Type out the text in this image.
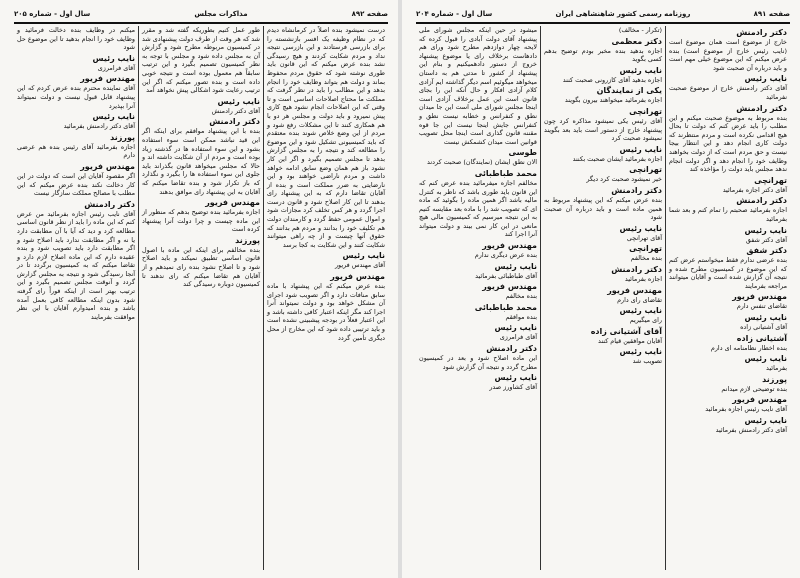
صفحه ۸۹۲
مذاکرات مجلس
سال اول - شماره ۲۰۵
درست نمیشود بنده اصلاً در کرمانشاه دیدم که در نظام وظیفه یک افسر بازنشسته را برای بازرسی فرستادند و این بازرسی نتیجه نداد و مردم شکایت کردند و هیچ رسیدگی نشد بنده عرض میکنم که این قانون باید طوری نوشته شود که حقوق مردم محفوظ بماند و دولت هم بتواند وظایف خود را انجام بدهد و این مطالب را باید در نظر گرفت که مملکت ما محتاج اصلاحات اساسی است و تا وقتی که این اصلاحات انجام نشود هیچ کاری پیش نمیرود و باید دولت و مجلس هر دو با هم همکاری کنند تا این مشکلات رفع شود و مردم از این وضع خلاص شوند بنده معتقدم که باید کمیسیونی تشکیل شود و این موضوع را مطالعه کند و نتیجه را به مجلس گزارش بدهد تا مجلس تصمیم بگیرد و اگر این کار نشود باز هم همان وضع سابق ادامه خواهد داشت و مردم ناراضی خواهند بود و این نارضایتی به ضرر مملکت است و بنده از آقایان تقاضا دارم که به این پیشنهاد رای بدهند تا این کار اصلاح شود و قانون درست اجرا گردد و هر کس تخلف کرد مجازات شود و اموال عمومی حفظ گردد و کارمندان دولت هم تکلیف خود را بدانند و مردم هم بدانند که حقوق آنها چیست و از چه راهی میتوانند شکایت کنند و این شکایت به کجا برسد
نایب رئیس
آقای مهندس فریور
مهندس فریور
بنده عرض میکنم که این پیشنهاد با ماده سابق منافات دارد و اگر تصویب شود اجرای آن مشکل خواهد بود و دولت نمیتواند آنرا اجرا کند مگر اینکه اعتبار کافی داشته باشد و این اعتبار فعلاً در بودجه پیشبینی نشده است و باید ترتیبی داده شود که این مخارج از محل دیگری تأمین گردد
طور عمل کنیم بطوریکه گفته شد و مقرر شد که هر وقت از طرف دولت پیشنهادی شد در کمیسیون مربوطه مطرح شود و گزارش آن به مجلس داده شود و مجلس با توجه به نظر کمیسیون تصمیم بگیرد و این ترتیب سابقاً هم معمول بوده است و نتیجه خوبی داده است و بنده تصور میکنم که اگر این ترتیب رعایت شود اشکالی پیش نخواهد آمد
نایب رئیس
آقای دکتر رادمنش
دکتر رادمنش
بنده با این پیشنهاد موافقم برای اینکه اگر این قید نباشد ممکن است سوء استفاده بشود و این سوء استفاده ها در گذشته زیاد بوده است و مردم از آن شکایت داشته اند و حالا که مجلس میخواهد قانون بگذراند باید جلوی این سوء استفاده ها را بگیرد و نگذارد که باز تکرار شود و بنده تقاضا میکنم که آقایان به این پیشنهاد رای موافق بدهند
مهندس فریور
اجازه بفرمائید بنده توضیح بدهم که منظور از این ماده چیست و چرا دولت آنرا پیشنهاد کرده است
پورزند
بنده مخالفم برای اینکه این ماده با اصول قانون اساسی تطبیق نمیکند و باید اصلاح شود و تا اصلاح نشود بنده رای نمیدهم و از آقایان هم تقاضا میکنم که رای ندهند تا کمیسیون دوباره رسیدگی کند
میکنم در وظایف بنده دخالت فرمائید و وظایف خود را انجام بدهید تا این موضوع حل شود
نایب رئیس
آقای فرامرزی
مهندس فریور
آقای نماینده محترم بنده عرض کردم که این پیشنهاد قابل قبول نیست و دولت نمیتواند آنرا بپذیرد
نایب رئیس
آقای دکتر رادمنش بفرمائید
پورزند
اجازه بفرمائید آقای رئیس بنده هم عرضی دارم
مهندس فریور
اگر مقصود آقایان این است که دولت در این کار دخالت نکند بنده عرض میکنم که این مطلب با مصالح مملکت سازگار نیست
دکتر رادمنش
آقای نایب رئیس اجازه بفرمائید من عرض کنم که این ماده را باید از نظر قانون اساسی مطالعه کرد و دید که آیا با آن مطابقت دارد یا نه و اگر مطابقت ندارد باید اصلاح شود و اگر مطابقت دارد باید تصویب شود و بنده عقیده دارم که این ماده اصلاح لازم دارد و تقاضا میکنم که به کمیسیون برگردد تا در آنجا رسیدگی شود و نتیجه به مجلس گزارش گردد و آنوقت مجلس تصمیم بگیرد و این ترتیب بهتر است از اینکه فوراً رای گرفته شود بدون اینکه مطالعه کافی بعمل آمده باشد و بنده امیدوارم آقایان با این نظر موافقت بفرمایند
صفحه ۸۹۱
روزنامه رسمی کشور شاهنشاهی ایران
سال اول - شماره ۲۰۴
دکتر رادمنش
خارج از موضوع است همان موضوع است (نایب رئیس خارج از موضوع است) بنده عرض میکنم که این موضوع خیلی مهم است و باید درباره آن صحبت شود
نایب رئیس
آقای دکتر رادمنش خارج از موضوع صحبت نفرمائید
دکتر رادمنش
بنده مربوط به موضوع صحبت میکنم و این مطلب را باید عرض کنم که دولت تا بحال هیچ اقدامی نکرده است و مردم منتظرند که دولت کاری انجام دهد و این انتظار بیجا نیست و حق مردم است که از دولت بخواهند وظایف خود را انجام دهد و اگر دولت انجام ندهد مجلس باید دولت را مؤاخذه کند
تهرانچی
آقای دکتر اجازه بفرمائید
دکتر رادمنش
اجازه بفرمائید صحبتم را تمام کنم و بعد شما بفرمائید
نایب رئیس
آقای دکتر شفق
دکتر شفق
بنده عرضی ندارم فقط میخواستم عرض کنم که این موضوع در کمیسیون مطرح شده و نتیجه آن گزارش شده است و آقایان میتوانند مراجعه بفرمایند
مهندس فریور
تقاضای تنفس دارم
نایب رئیس
آقای آشتیانی زاده
آشتیانی زاده
بنده اخطار نظامنامه ای دارم
نایب رئیس
بفرمائید
پورزند
بنده توضیحی لازم میدانم
مهندس فریور
آقای نایب رئیس اجازه بفرمائید
نایب رئیس
آقای دکتر رادمنش بفرمائید
(تکرار - مخالف)
دکتر معظمی
اجازه بدهید بنده مخبر بودم توضیح بدهم کسی بگوید
نایب رئیس
اجازه بدهید آقای کازرونی صحبت کنند
یکی از نمایندگان
اجازه بفرمائید میخواهند بیرون بگویند
تهرانچی
آقای رئیس یکی نمیشود مذاکره کرد چون پیشنهاد خارج از دستور است باید بعد بگویند نمیشود صحبت کرد
نایب رئیس
اجازه بفرمائید ایشان صحبت بکنند
تهرانچی
خیر نمیشود صحبت کرد دیگر
دکتر رادمنش
بنده عرض میکنم که این پیشنهاد مربوط به همین ماده است و باید درباره آن صحبت شود
نایب رئیس
آقای تهرانچی
تهرانچی
بنده مخالفم
دکتر رادمنش
اجازه بفرمائید
مهندس فریور
تقاضای رای دارم
نایب رئیس
رای میگیریم
آقای آشتیانی زاده
آقایان موافقین قیام کنند
نایب رئیس
تصویب شد
میشود در حین اینکه مجلس شورای ملی پیشنهاد آقای دولت آبادی را قبول کرده که لایحه چهار دوازدهم مطرح شود ورای هم دادهاست برخلاف رای یا موضوع پیشنهاد خروج از دستور دادهمیکنیم و بنام این پیشنهاد از کشور تا مدتی هم به داستان میخواهد میگوئیم اسم دیگر گذاشته ایم آزادی کلام آزادی افکار و حال آنکه این را بجای قانون است این عمل برخلاف آزادی است اینجا مجلس شورای ملی است این جا میدان نطق و کنفرانس و خطابه نیست نطق و کنفرانس جایش اینجا نیست این جا قوه مقننه قانون گذاری است اینجا محل تصویب قوانین است میدان کشمکش نیست
طوسی
الان نطق ایشان (نمایندگان) صحبت کردند
محمد طباطبائی
مخالفم اجازه میفرمائید بنده عرض کنم که این قانون باید طوری باشد که ناظر به کنترل مالیه باشد اگر همین ماده را بگوئید که ماده ای که تصویب شد را با ماده بعد مقایسه کنیم به این نتیجه میرسیم که کمیسیون مالی هیچ مانعی در این کار نمی بیند و دولت میتواند آنرا اجرا کند
مهندس فریور
بنده عرض دیگری ندارم
نایب رئیس
آقای طباطبائی بفرمائید
مهندس فریور
بنده مخالفم
محمد طباطبائی
بنده موافقم
نایب رئیس
آقای فرامرزی
دکتر رادمنش
این ماده اصلاح شود و بعد در کمیسیون مطرح گردد و نتیجه آن گزارش شود
نایب رئیس
آقای کشاورز صدر
